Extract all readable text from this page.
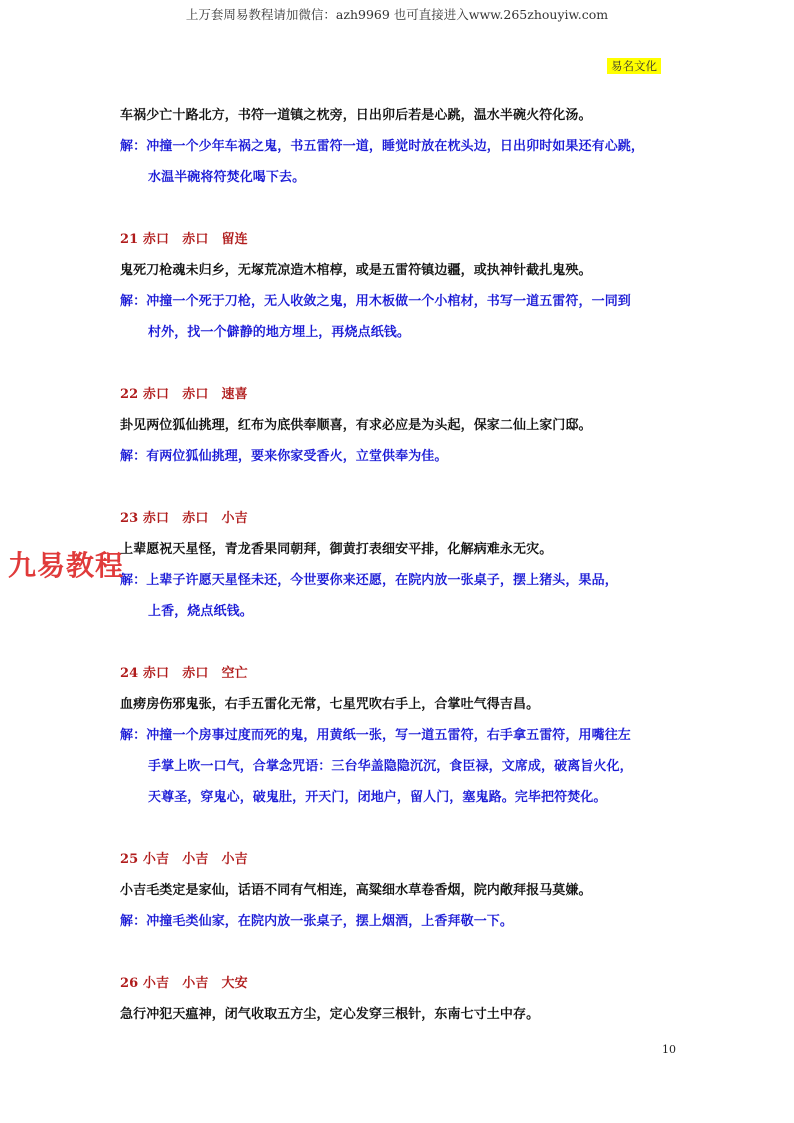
上万套周易教程请加微信：azh9969 也可直接进入www.265zhouyiw.com
易名文化
九易教程
车祸少亡十路北方，书符一道镇之枕旁，日出卯后若是心跳，温水半碗火符化汤。
解：冲撞一个少年车祸之鬼，书五雷符一道，睡觉时放在枕头边，日出卯时如果还有心跳，
水温半碗将符焚化喝下去。
21 赤口　赤口　留连
鬼死刀枪魂未归乡，无塚荒凉造木棺椁，或是五雷符镇边疆，或执神针截扎鬼殃。
解：冲撞一个死于刀枪，无人收敛之鬼，用木板做一个小棺材，书写一道五雷符，一同到
村外，找一个僻静的地方埋上，再烧点纸钱。
22 赤口　赤口　速喜
卦见两位狐仙挑理，红布为底供奉顺喜，有求必应是为头起，保家二仙上家门邸。
解：有两位狐仙挑理，要来你家受香火，立堂供奉为佳。
23 赤口　赤口　小吉
上辈愿祝天星怪，青龙香果同朝拜，御黄打表细安平排，化解病难永无灾。
解：上辈子许愿天星怪未还，今世要你来还愿，在院内放一张桌子，摆上猪头，果品，
上香，烧点纸钱。
24 赤口　赤口　空亡
血痨房伤邪鬼张，右手五雷化无常，七星咒吹右手上，合掌吐气得吉昌。
解：冲撞一个房事过度而死的鬼，用黄纸一张，写一道五雷符，右手拿五雷符，用嘴往左
手掌上吹一口气，合掌念咒语：三台华盖隐隐沉沉，食臣禄，文席成，破离旨火化，
天尊圣，穿鬼心，破鬼肚，开天门，闭地户，留人门，塞鬼路。完毕把符焚化。
25 小吉　小吉　小吉
小吉毛类定是家仙，话语不同有气相连，高粱细水草卷香烟，院内敞拜报马莫嫌。
解：冲撞毛类仙家，在院内放一张桌子，摆上烟酒，上香拜敬一下。
26 小吉　小吉　大安
急行冲犯天瘟神，闭气收取五方尘，定心发穿三根针，东南七寸土中存。
10
